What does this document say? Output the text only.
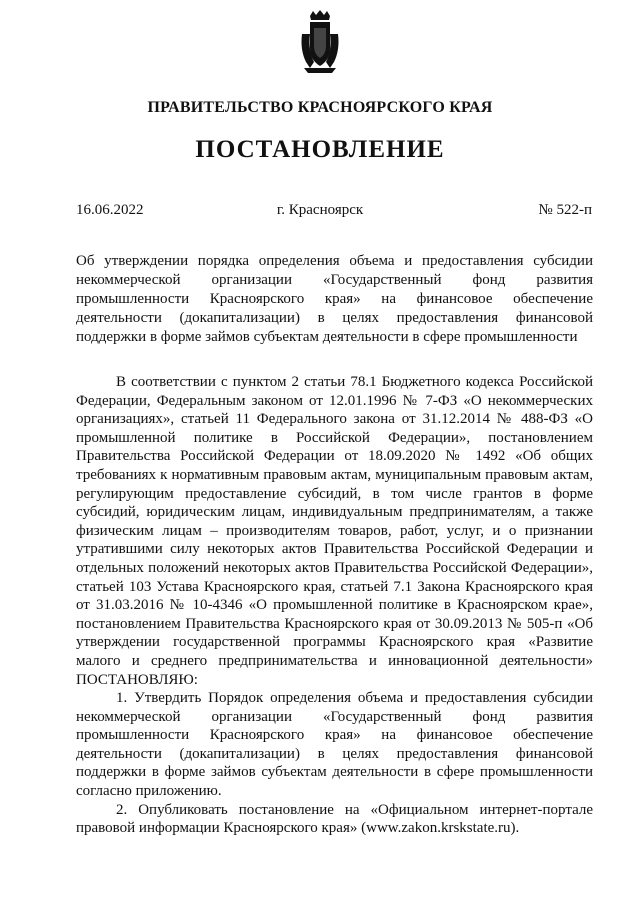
ПРАВИТЕЛЬСТВО КРАСНОЯРСКОГО КРАЯ
ПОСТАНОВЛЕНИЕ
16.06.2022	г. Красноярск	№ 522-п

Об утверждении порядка определения объема и предоставления субсидии некоммерческой организации «Государственный фонд развития промышленности Красноярского края» на финансовое обеспечение деятельности (докапитализации) в целях предоставления финансовой поддержки в форме займов субъектам деятельности в сфере промышленности

В соответствии с пунктом 2 статьи 78.1 Бюджетного кодекса Российской Федерации, Федеральным законом от 12.01.1996 № 7-ФЗ «О некоммерческих организациях», статьей 11 Федерального закона от 31.12.2014 № 488-ФЗ «О промышленной политике в Российской Федерации», постановлением Правительства Российской Федерации от 18.09.2020 № 1492 «Об общих требованиях к нормативным правовым актам, муниципальным правовым актам, регулирующим предоставление субсидий, в том числе грантов в форме субсидий, юридическим лицам, индивидуальным предпринимателям, а также физическим лицам – производителям товаров, работ, услуг, и о признании утратившими силу некоторых актов Правительства Российской Федерации и отдельных положений некоторых актов Правительства Российской Федерации», статьей 103 Устава Красноярского края, статьей 7.1 Закона Красноярского края от 31.03.2016 № 10-4346 «О промышленной политике в Красноярском крае», постановлением Правительства Красноярского края от 30.09.2013 № 505-п «Об утверждении государственной программы Красноярского края «Развитие малого и среднего предпринимательства и инновационной деятельности» ПОСТАНОВЛЯЮ:

1. Утвердить Порядок определения объема и предоставления субсидии некоммерческой организации «Государственный фонд развития промышленности Красноярского края» на финансовое обеспечение деятельности (докапитализации) в целях предоставления финансовой поддержки в форме займов субъектам деятельности в сфере промышленности согласно приложению.

2. Опубликовать постановление на «Официальном интернет-портале правовой информации Красноярского края» (www.zakon.krskstate.ru).
